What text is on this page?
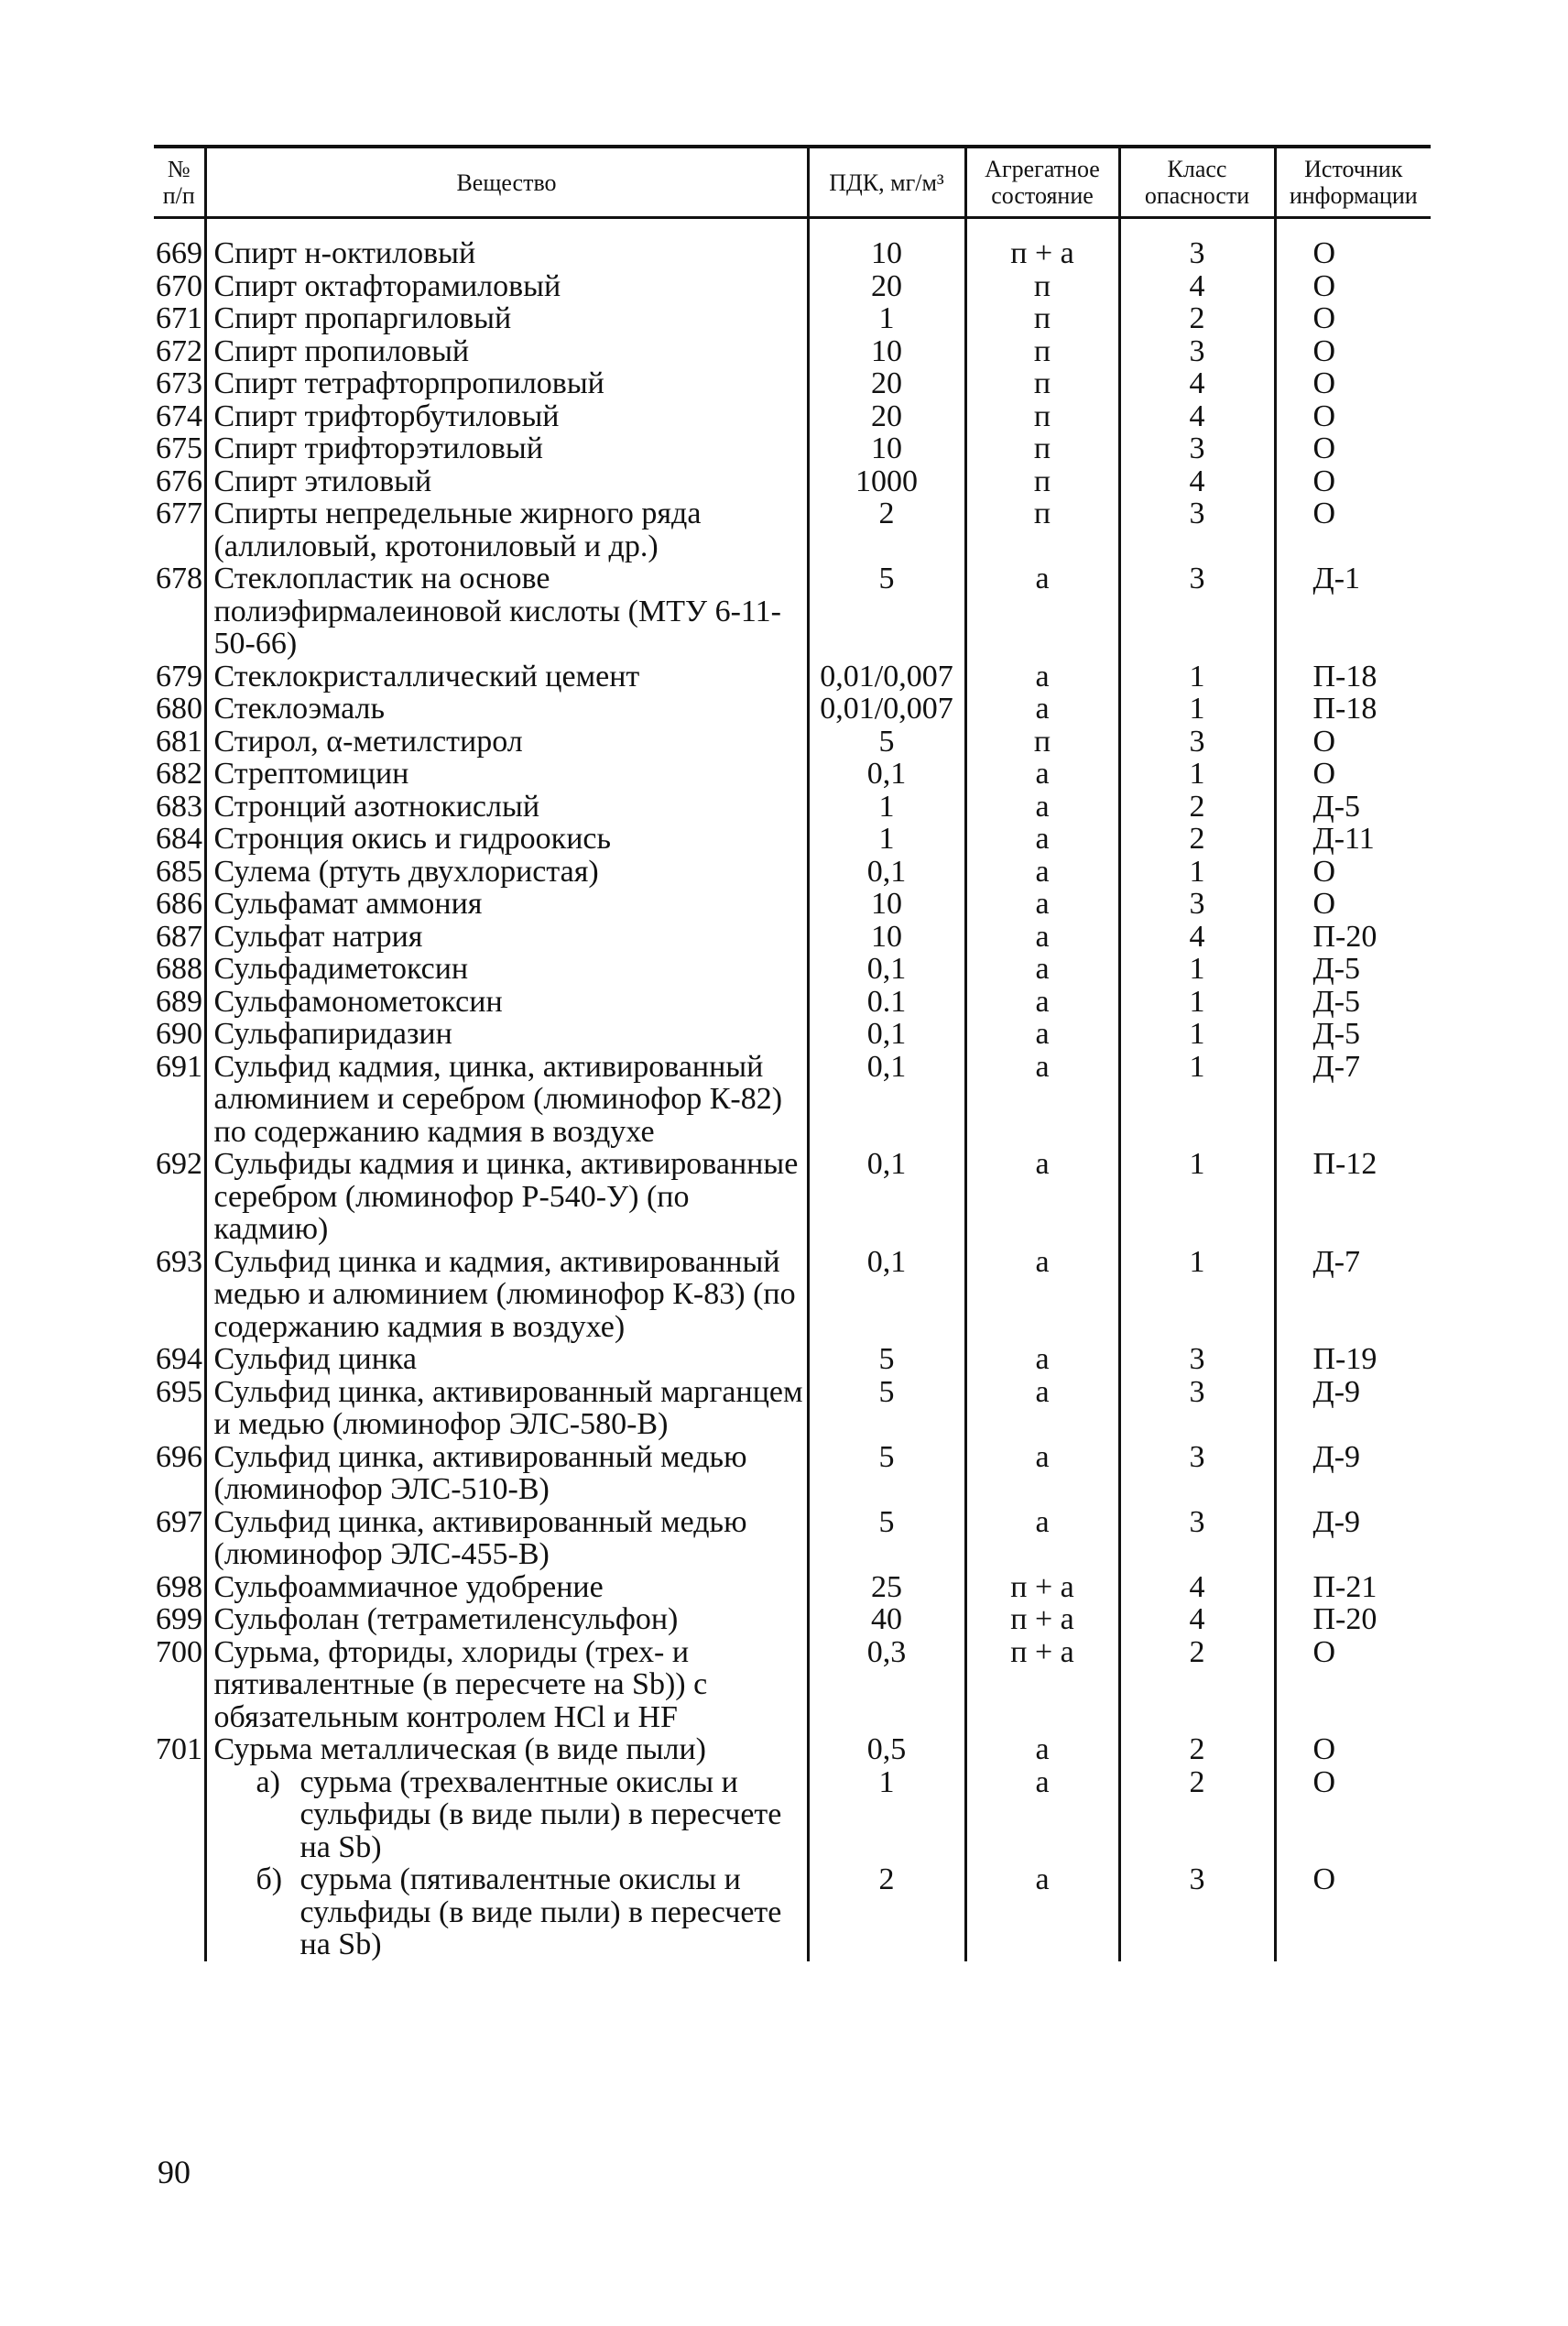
№ п/п	Вещество	ПДК, мг/м³	Агрегатное состояние	Класс опасности	Источник информации
669	Спирт н-октиловый	10	п + а	3	О
670	Спирт октафторамиловый	20	п	4	О
671	Спирт пропаргиловый	1	п	2	О
672	Спирт пропиловый	10	п	3	О
673	Спирт тетрафторпропиловый	20	п	4	О
674	Спирт трифторбутиловый	20	п	4	О
675	Спирт трифторэтиловый	10	п	3	О
676	Спирт этиловый	1000	п	4	О
677	Спирты непредельные жирного ряда (аллиловый, кротониловый и др.)	2	п	3	О
678	Стеклопластик на основе полиэфирмалеиновой кислоты (МТУ 6-11-50-66)	5	а	3	Д-1
679	Стеклокристаллический цемент	0,01/0,007	а	1	П-18
680	Стеклоэмаль	0,01/0,007	а	1	П-18
681	Стирол, α-метилстирол	5	п	3	О
682	Стрептомицин	0,1	а	1	О
683	Стронций азотнокислый	1	а	2	Д-5
684	Стронция окись и гидроокись	1	а	2	Д-11
685	Сулема (ртуть двухлористая)	0,1	а	1	О
686	Сульфамат аммония	10	а	3	О
687	Сульфат натрия	10	а	4	П-20
688	Сульфадиметоксин	0,1	а	1	Д-5
689	Сульфамонометоксин	0.1	а	1	Д-5
690	Сульфапиридазин	0,1	а	1	Д-5
691	Сульфид кадмия, цинка, активированный алюминием и серебром (люминофор К-82) по содержанию кадмия в воздухе	0,1	а	1	Д-7
692	Сульфиды кадмия и цинка, активированные серебром (люминофор Р-540-У) (по кадмию)	0,1	а	1	П-12
693	Сульфид цинка и кадмия, активированный медью и алюминием (люминофор К-83) (по содержанию кадмия в воздухе)	0,1	а	1	Д-7
694	Сульфид цинка	5	а	3	П-19
695	Сульфид цинка, активированный марганцем и медью (люминофор ЭЛС-580-В)	5	а	3	Д-9
696	Сульфид цинка, активированный медью (люминофор ЭЛС-510-В)	5	а	3	Д-9
697	Сульфид цинка, активированный медью (люминофор ЭЛС-455-В)	5	а	3	Д-9
698	Сульфоаммиачное удобрение	25	п + а	4	П-21
699	Сульфолан (тетраметиленсульфон)	40	п + а	4	П-20
700	Сурьма, фториды, хлориды (трех- и пятивалентные (в пересчете на Sb)) с обязательным контролем HCl и HF	0,3	п + а	2	О
701	Сурьма металлическая (в виде пыли)	0,5	а	2	О

	а) сурьма (трехвалентные окислы и сульфиды (в виде пыли) в пересчете на Sb)	1	а	2	О

	б) сурьма (пятивалентные окислы и сульфиды (в виде пыли) в пересчете на Sb)	2	а	3	О
90
